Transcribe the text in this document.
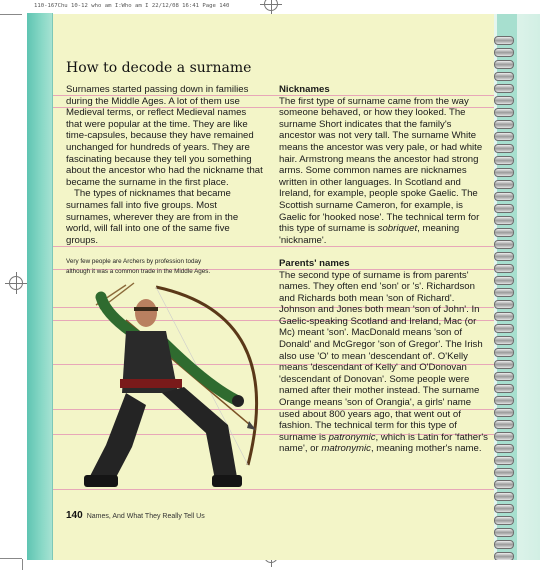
110-167Chu 10-12 who am I:Who am I 22/12/08 16:41 Page 140
How to decode a surname

Surnames started passing down in families during the Middle Ages. A lot of them use Medieval terms, or reflect Medieval names that were popular at the time. They are like time-capsules, because they have remained unchanged for hundreds of years. They are fascinating because they tell you something about the ancestor who had the nickname that became the surname in the first place.

The types of nicknames that became surnames fall into five groups. Most surnames, wherever they are from in the world, will fall into one of the same five groups.

Very few people are Archers by profession today
although it was a common trade in the Middle Ages.

Nicknames

The first type of surname came from the way someone behaved, or how they looked. The surname Short indicates that the family's ancestor was not very tall. The surname White means the ancestor was very pale, or had white hair. Armstrong means the ancestor had strong arms. Some common names are nicknames written in other languages. In Scotland and Ireland, for example, people spoke Gaelic. The Scottish surname Cameron, for example, is Gaelic for 'hooked nose'. The technical term for this type of surname is sobriquet, meaning 'nickname'.

Parents' names

The second type of surname is from parents' names. They often end 'son' or 's'. Richardson and Richards both mean 'son of Richard'. Johnson and Jones both mean 'son of John'. In Gaelic-speaking Scotland and Ireland, Mac (or Mc) meant 'son'. MacDonald means 'son of Donald' and McGregor 'son of Gregor'. The Irish also use 'O' to mean 'descendant of'. O'Kelly means 'descendant of Kelly' and O'Donovan 'descendant of Donovan'. Some people were named after their mother instead. The surname Orange means 'son of Orangia', a girls' name used about 800 years ago, that went out of fashion. The technical term for this type of surname is patronymic, which is Latin for 'father's name', or matronymic, meaning mother's name.

140 Names, And What They Really Tell Us
